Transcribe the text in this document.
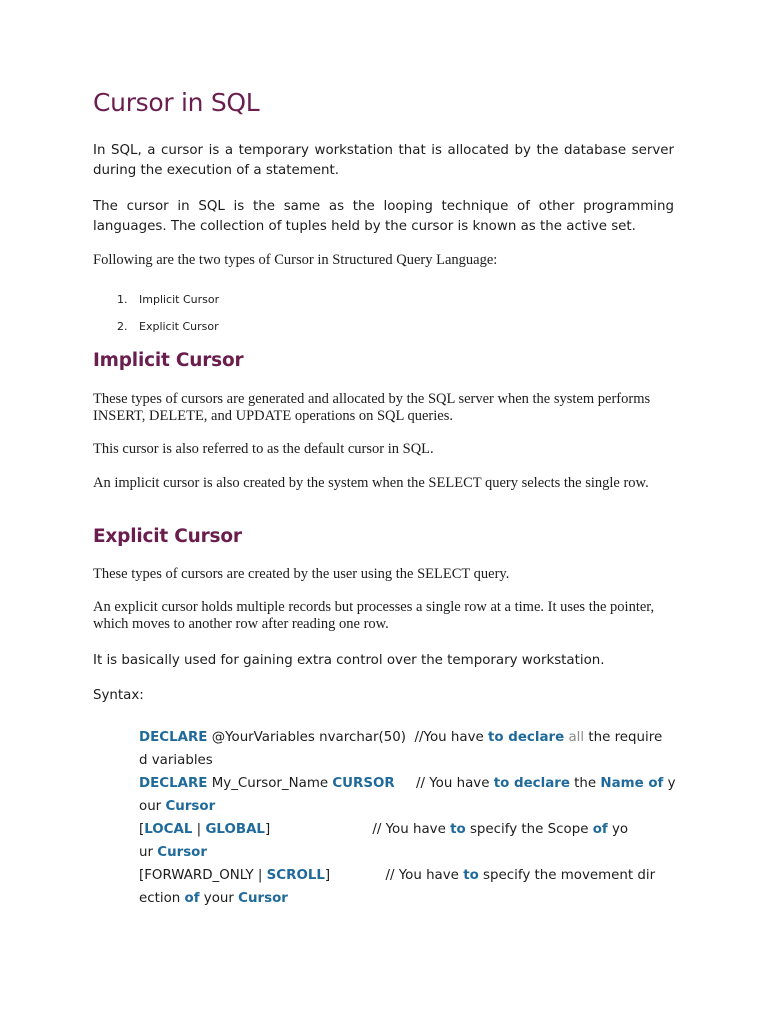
Cursor in SQL

In SQL, a cursor is a temporary workstation that is allocated by the database server during the execution of a statement.

The cursor in SQL is the same as the looping technique of other programming languages. The collection of tuples held by the cursor is known as the active set.

Following are the two types of Cursor in Structured Query Language:

1. Implicit Cursor
2. Explicit Cursor
Implicit Cursor

These types of cursors are generated and allocated by the SQL server when the system performs INSERT, DELETE, and UPDATE operations on SQL queries.

This cursor is also referred to as the default cursor in SQL.

An implicit cursor is also created by the system when the SELECT query selects the single row.

Explicit Cursor

These types of cursors are created by the user using the SELECT query.

An explicit cursor holds multiple records but processes a single row at a time. It uses the pointer, which moves to another row after reading one row.

It is basically used for gaining extra control over the temporary workstation.

Syntax:

DECLARE @YourVariables nvarchar(50)  //You have to declare all the require
d variables
DECLARE My_Cursor_Name CURSOR     // You have to declare the Name of y
our Cursor
[LOCAL | GLOBAL]                        // You have to specify the Scope of yo
ur Cursor
[FORWARD_ONLY | SCROLL]             // You have to specify the movement dir
ection of your Cursor
